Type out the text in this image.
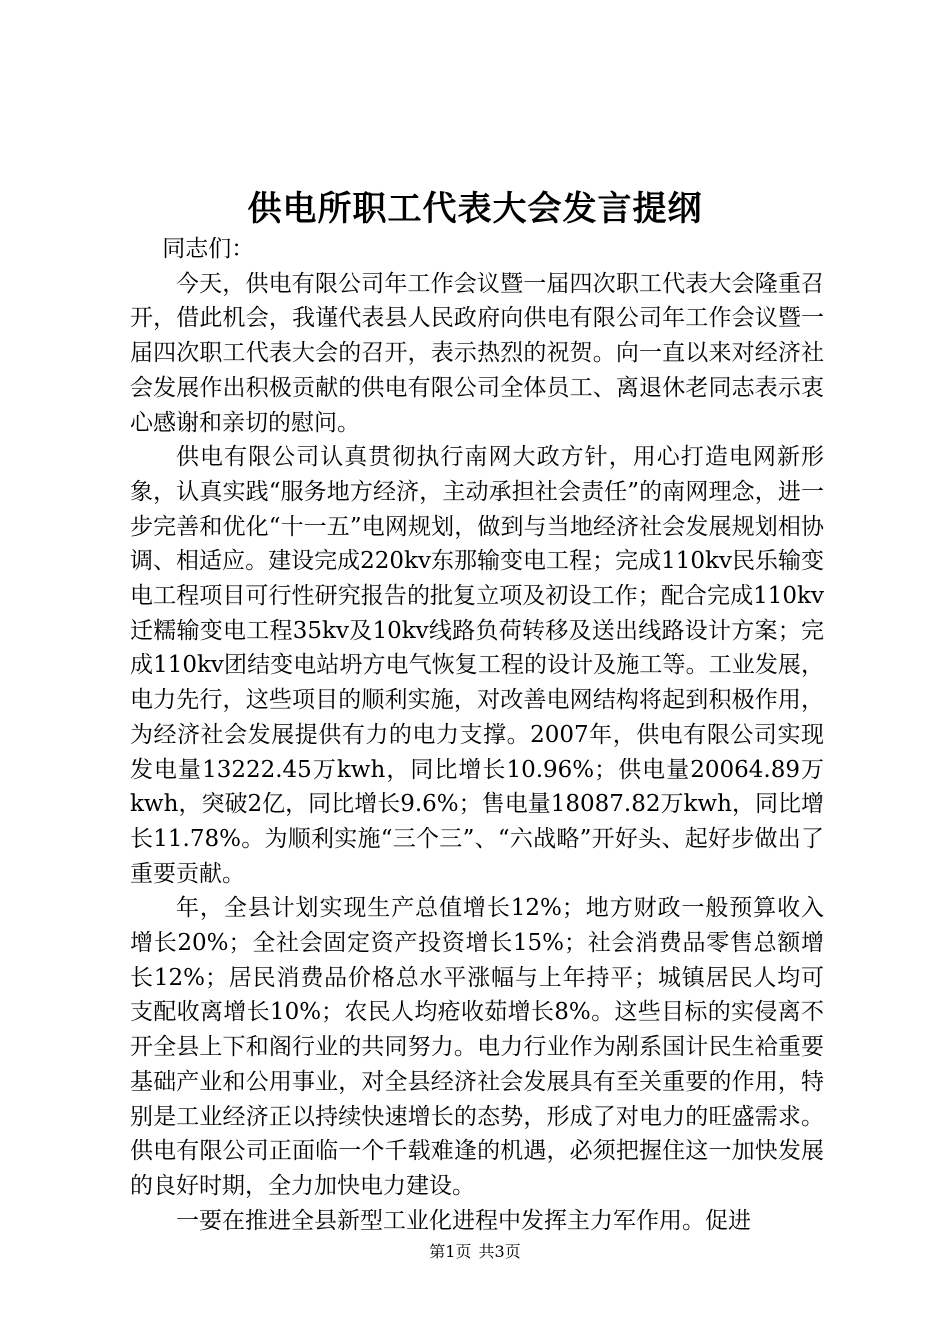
供电所职工代表大会发言提纲

同志们：

今天，供电有限公司年工作会议暨一届四次职工代表大会隆重召开，借此机会，我谨代表县人民政府向供电有限公司年工作会议暨一届四次职工代表大会的召开，表示热烈的祝贺。向一直以来对经济社会发展作出积极贡献的供电有限公司全体员工、离退休老同志表示衷心感谢和亲切的慰问。

供电有限公司认真贯彻执行南网大政方针，用心打造电网新形象，认真实践“服务地方经济，主动承担社会责任”的南网理念，进一步完善和优化“十一五”电网规划，做到与当地经济社会发展规划相协调、相适应。建设完成220kv东那输变电工程；完成110kv民乐输变电工程项目可行性研究报告的批复立项及初设工作；配合完成110kv迁糯输变电工程35kv及10kv线路负荷转移及送出线路设计方案；完成110kv团结变电站坍方电气恢复工程的设计及施工等。工业发展，电力先行，这些项目的顺利实施，对改善电网结构将起到积极作用，为经济社会发展提供有力的电力支撑。2007年，供电有限公司实现发电量13222.45万kwh，同比增长10.96%；供电量20064.89万kwh，突破2亿，同比增长9.6%；售电量18087.82万kwh，同比增长11.78%。为顺利实施“三个三”、“六战略”开好头、起好步做出了重要贡献。

年，全县计划实现生产总值增长12%；地方财政一般预算收入增长20%；全社会固定资产投资增长15%；社会消费品零售总额增长12%；居民消费品价格总水平涨幅与上年持平；城镇居民人均可支配收离增长10%；农民人均疮收茹增长8%。这些目标的实侵离不开全县上下和阁行业的共同努力。电力行业作为剐系国计民生袷重要基础产业和公用事业，对全县经济社会发展具有至关重要的作用，特别是工业经济正以持续快速增长的态势，形成了对电力的旺盛需求。供电有限公司正面临一个千载难逢的机遇，必须把握住这一加快发展的良好时期，全力加快电力建设。

一要在推进全县新型工业化进程中发挥主力军作用。促进

第1页 共3页
